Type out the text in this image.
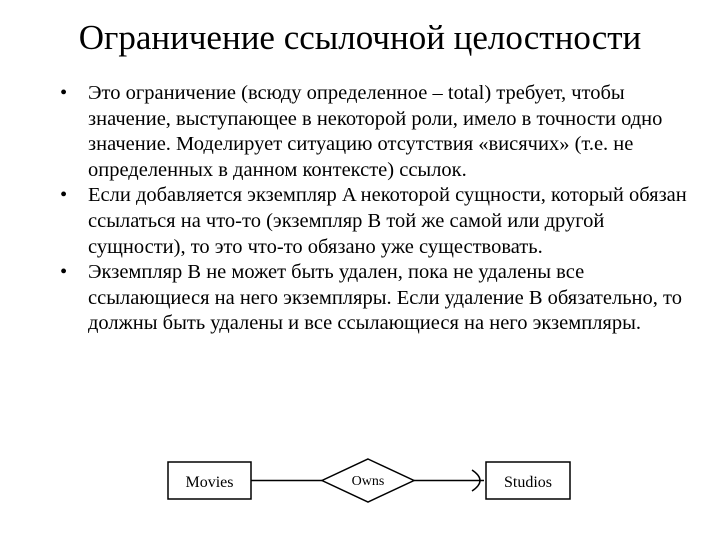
Ограничение ссылочной целостности
•	Это ограничение (всюду определенное – total) требует, чтобы значение, выступающее в некоторой роли, имело в точности одно значение. Моделирует ситуацию отсутствия «висячих» (т.е. не определенных в данном контексте) ссылок.
•	Если добавляется экземпляр A некоторой сущности, который обязан ссылаться на что-то (экземпляр B той же самой или другой сущности), то это что-то обязано уже существовать.
•	Экземпляр B не может быть удален, пока не удалены все ссылающиеся на него экземпляры. Если удаление B обязательно, то должны быть удалены и все ссылающиеся на него экземпляры.
Movies	Owns	Studios
